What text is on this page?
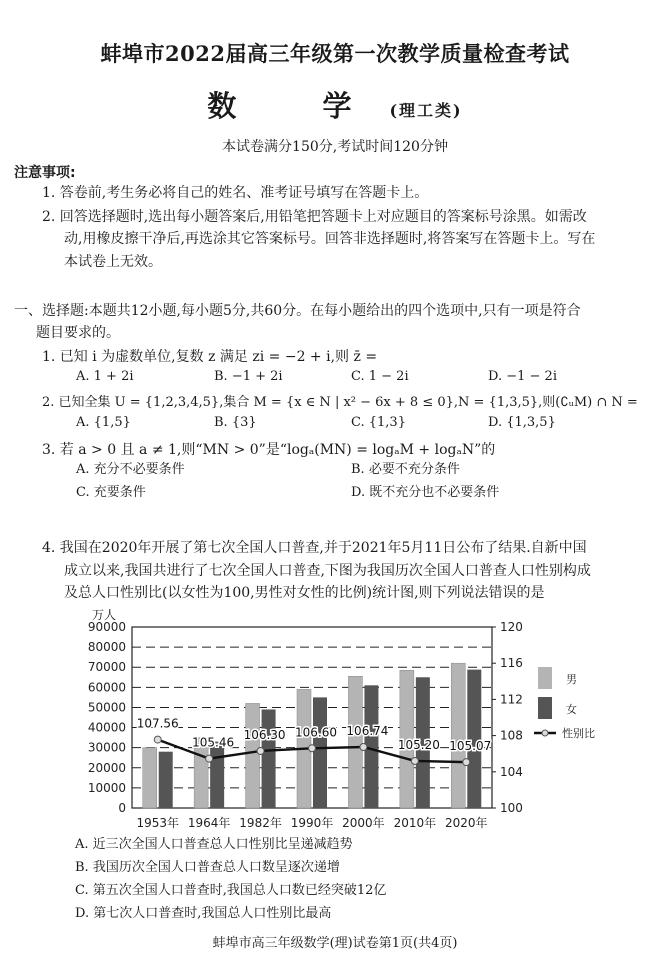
蚌埠市2022届高三年级第一次教学质量检查考试
数 学(理工类)
本试卷满分150分,考试时间120分钟
注意事项:
1. 答卷前,考生务必将自己的姓名、准考证号填写在答题卡上。
2. 回答选择题时,选出每小题答案后,用铅笔把答题卡上对应题目的答案标号涂黑。如需改
动,用橡皮擦干净后,再选涂其它答案标号。回答非选择题时,将答案写在答题卡上。写在
本试卷上无效。
一、选择题:本题共12小题,每小题5分,共60分。在每小题给出的四个选项中,只有一项是符合
题目要求的。
1. 已知 i 为虚数单位,复数 z 满足 zi = −2 + i,则 z̄ =
A. 1 + 2i	B. −1 + 2i	C. 1 − 2i	D. −1 − 2i
2. 已知全集 U = {1,2,3,4,5},集合 M = {x ∈ N | x² − 6x + 8 ≤ 0},N = {1,3,5},则(∁ᵤM) ∩ N =
A. {1,5}	B. {3}	C. {1,3}	D. {1,3,5}
3. 若 a > 0 且 a ≠ 1,则“MN > 0”是“logₐ(MN) = logₐM + logₐN”的
A. 充分不必要条件	B. 必要不充分条件
C. 充要条件	D. 既不充分也不必要条件
4. 我国在2020年开展了第七次全国人口普查,并于2021年5月11日公布了结果.自新中国
成立以来,我国共进行了七次全国人口普查,下图为我国历次全国人口普查人口性别构成
及总人口性别比(以女性为100,男性对女性的比例)统计图,则下列说法错误的是
万人
90000
80000
70000
60000
50000
40000
30000
20000
10000
0
120
116
112
108
104
100
1953年 1964年 1982年 1990年 2000年 2010年 2020年
107.56
105.46
106.30 106.60 106.74
105.20 105.07
男
女
性别比
A. 近三次全国人口普查总人口性别比呈递减趋势
B. 我国历次全国人口普查总人口数呈逐次递增
C. 第五次全国人口普查时,我国总人口数已经突破12亿
D. 第七次人口普查时,我国总人口性别比最高
蚌埠市高三年级数学(理)试卷第1页(共4页)
